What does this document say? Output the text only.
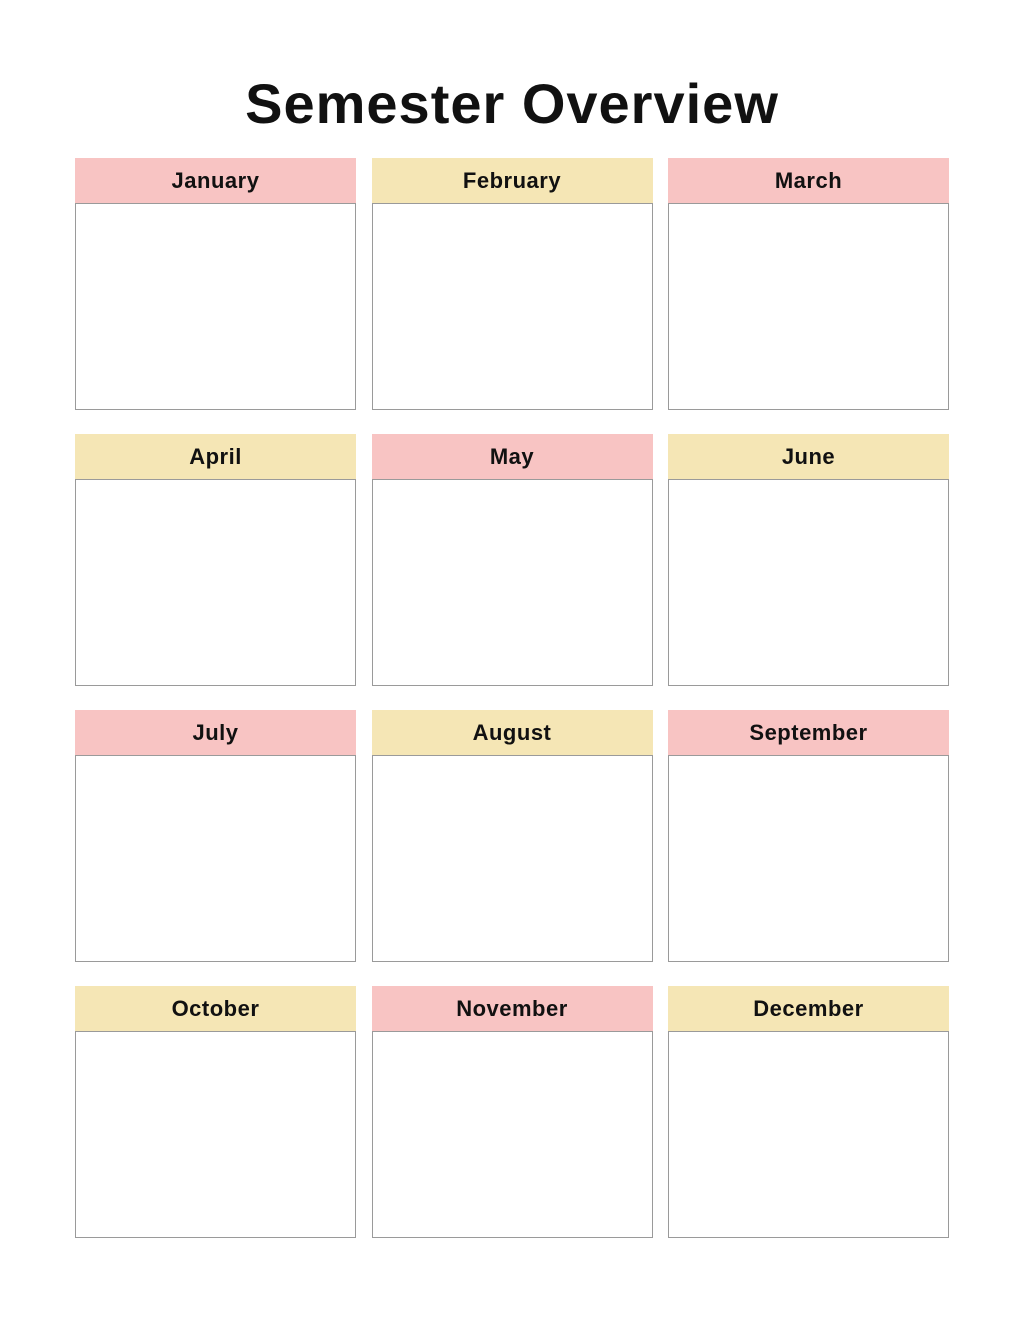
Semester Overview
January	February	March
April	May	June
July	August	September
October	November	December
